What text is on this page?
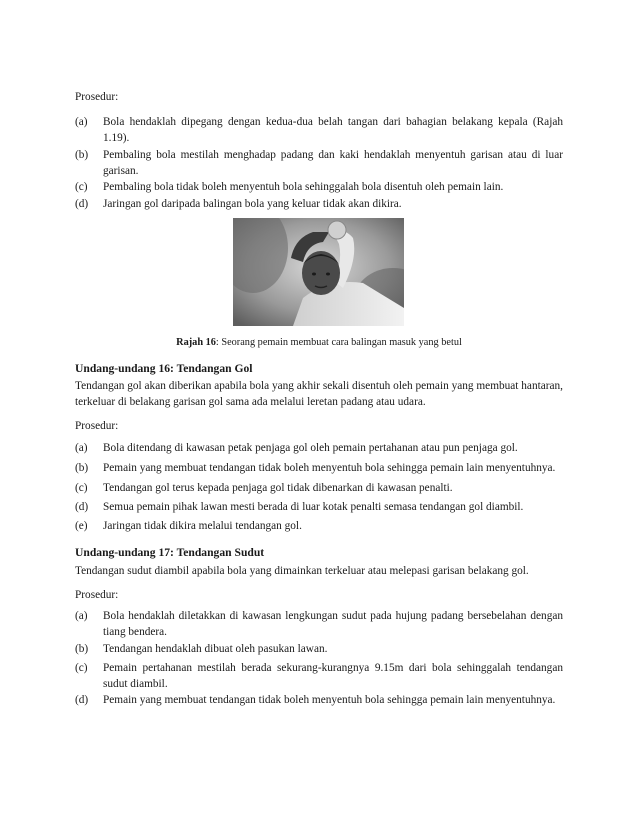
Prosedur:
(a) Bola hendaklah dipegang dengan kedua-dua belah tangan dari bahagian belakang kepala (Rajah 1.19).
(b) Pembaling bola mestilah menghadap padang dan kaki hendaklah menyentuh garisan atau di luar garisan.
(c) Pembaling bola tidak boleh menyentuh bola sehinggalah bola disentuh oleh pemain lain.
(d) Jaringan gol daripada balingan bola yang keluar tidak akan dikira.
Rajah 16: Seorang pemain membuat cara balingan masuk yang betul
Undang-undang 16: Tendangan Gol
Tendangan gol akan diberikan apabila bola yang akhir sekali disentuh oleh pemain yang membuat hantaran, terkeluar di belakang garisan gol sama ada melalui leretan padang atau udara.
Prosedur:
(a) Bola ditendang di kawasan petak penjaga gol oleh pemain pertahanan atau pun penjaga gol.
(b) Pemain yang membuat tendangan tidak boleh menyentuh bola sehingga pemain lain menyentuhnya.
(c) Tendangan gol terus kepada penjaga gol tidak dibenarkan di kawasan penalti.
(d) Semua pemain pihak lawan mesti berada di luar kotak penalti semasa tendangan gol diambil.
(e) Jaringan tidak dikira melalui tendangan gol.
Undang-undang 17: Tendangan Sudut
Tendangan sudut diambil apabila bola yang dimainkan terkeluar atau melepasi garisan belakang gol.
Prosedur:
(a) Bola hendaklah diletakkan di kawasan lengkungan sudut pada hujung padang bersebelahan dengan tiang bendera.
(b) Tendangan hendaklah dibuat oleh pasukan lawan.
(c) Pemain pertahanan mestilah berada sekurang-kurangnya 9.15m dari bola sehinggalah tendangan sudut diambil.
(d) Pemain yang membuat tendangan tidak boleh menyentuh bola sehingga pemain lain menyentuhnya.
